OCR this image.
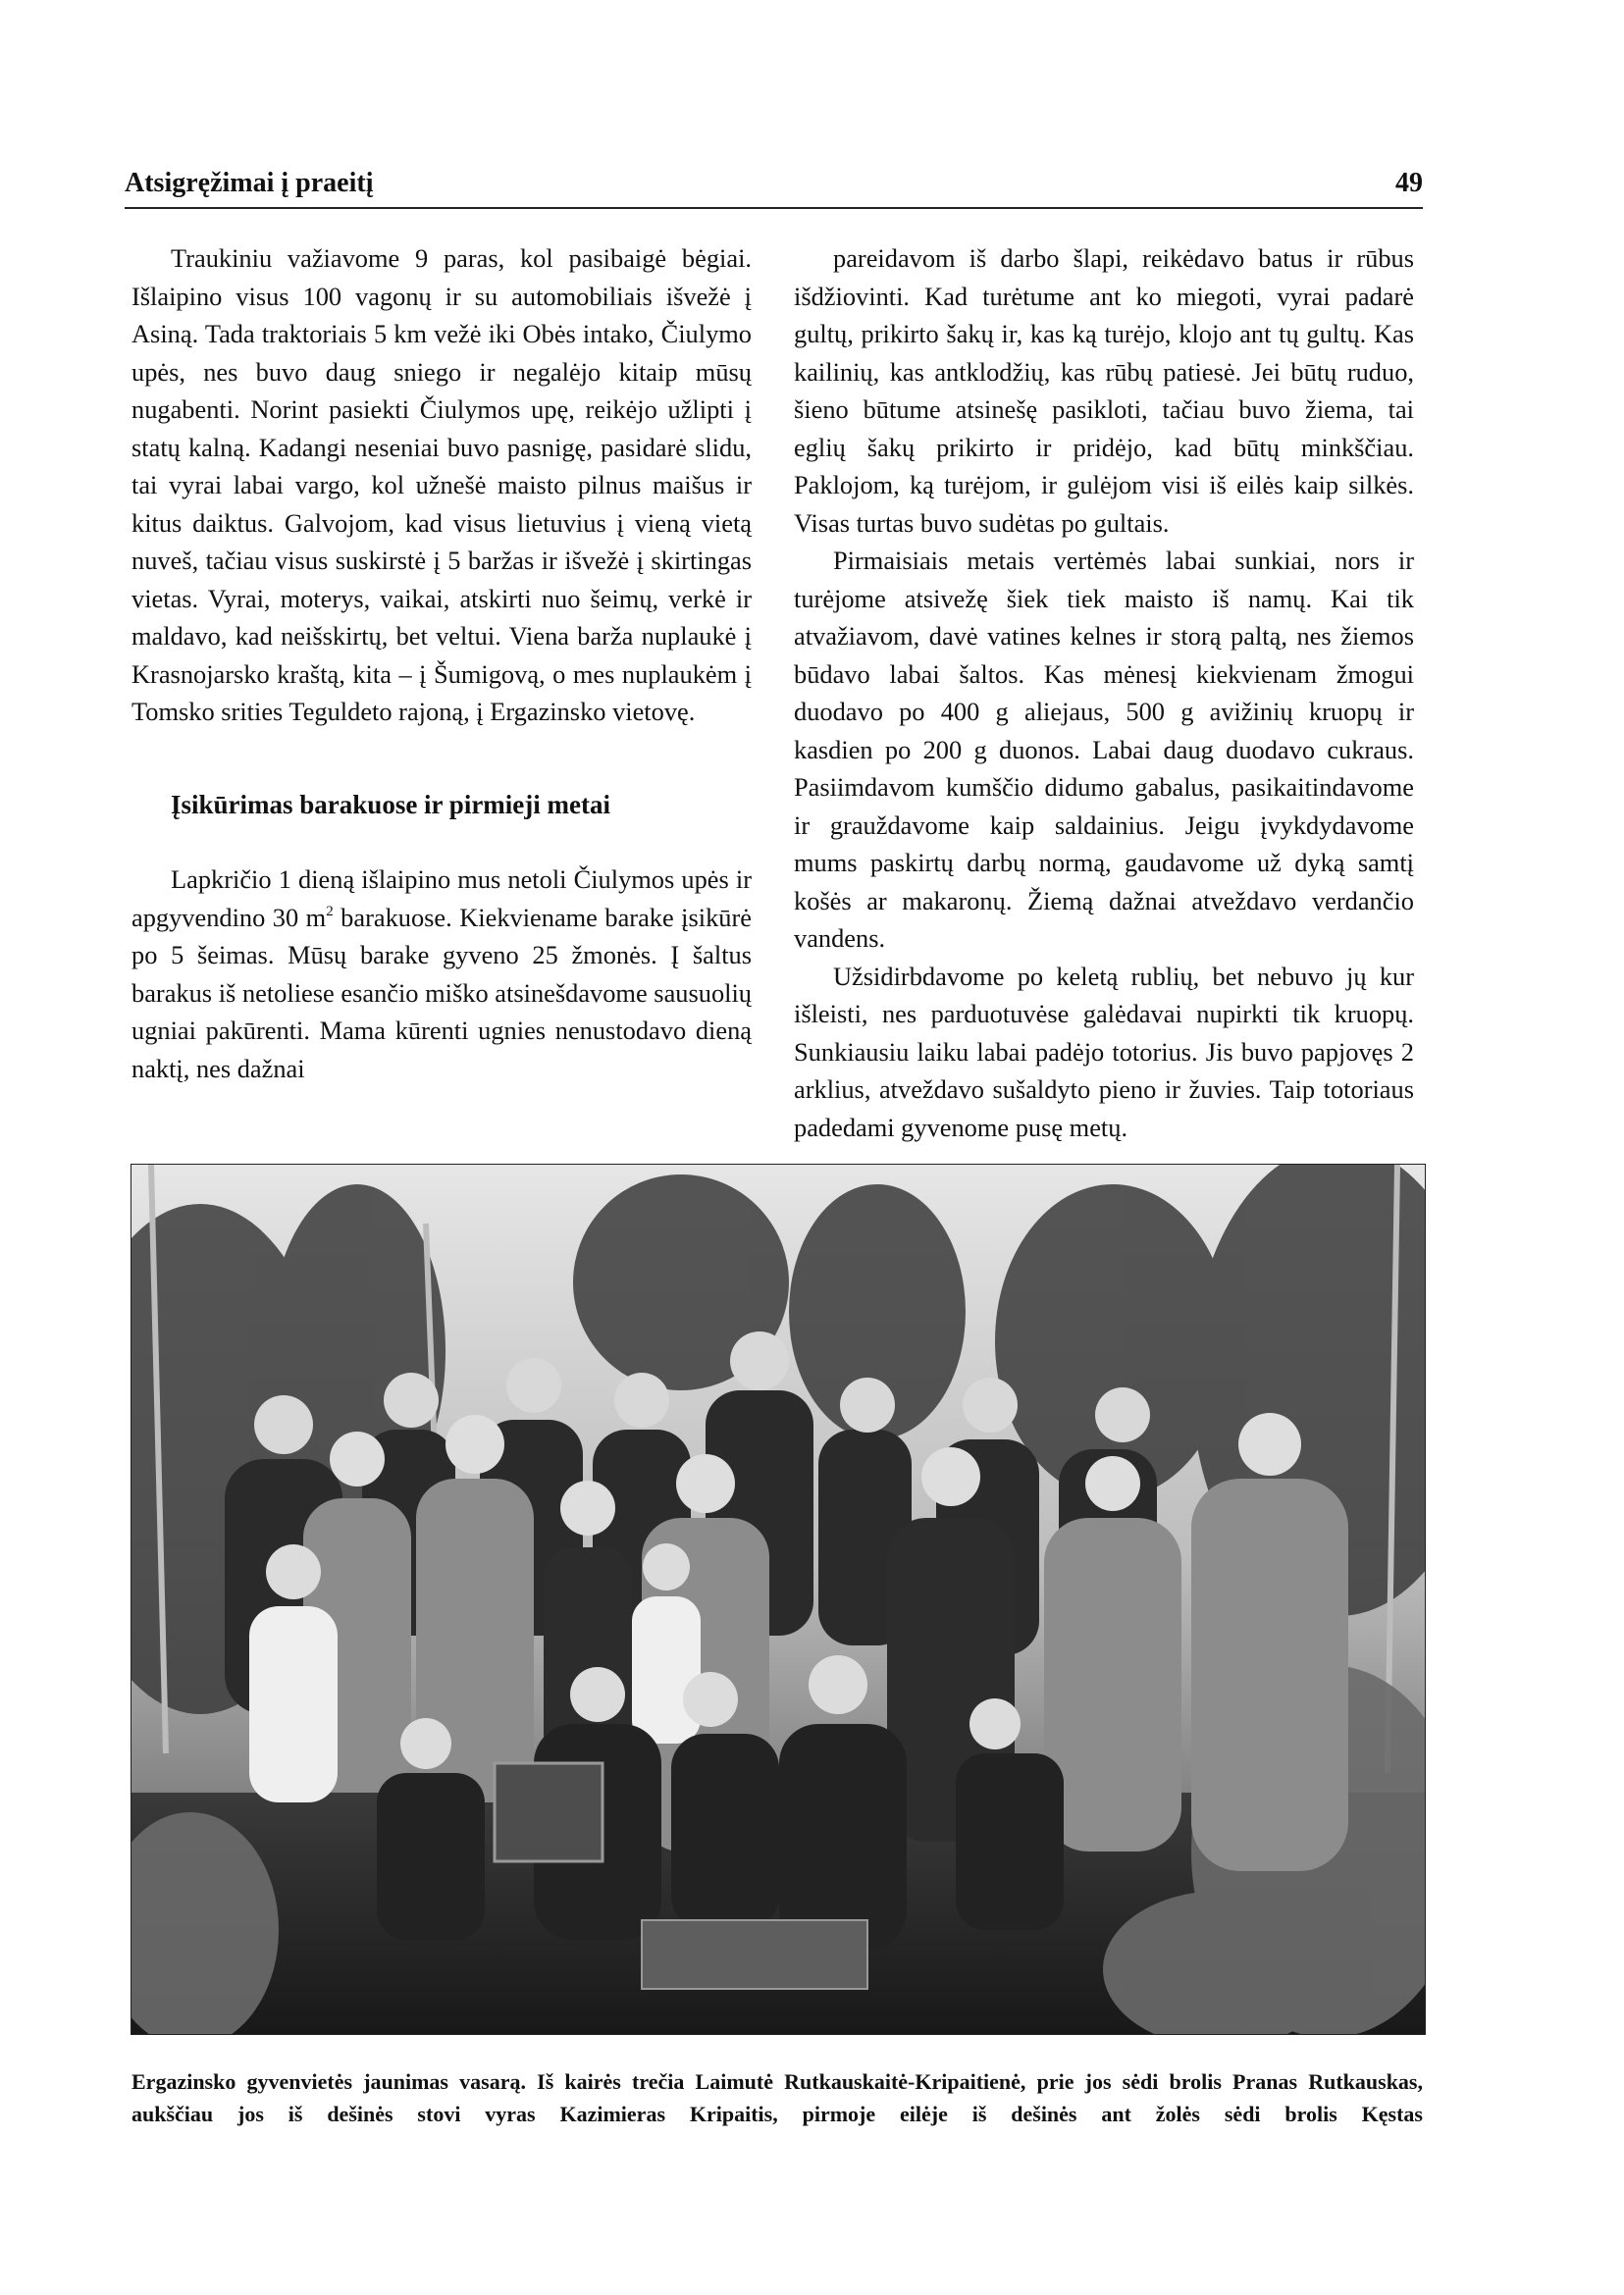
Atsigręžimai į praeitį	49

Traukiniu važiavome 9 paras, kol pasibaigė bėgiai. Išlaipino visus 100 vagonų ir su automobiliais išvežė į Asiną. Tada traktoriais 5 km vežė iki Obės intako, Čiulymo upės, nes buvo daug sniego ir negalėjo kitaip mūsų nugabenti. Norint pasiekti Čiulymos upę, reikėjo užlipti į statų kalną. Kadangi neseniai buvo pasnigę, pasidarė slidu, tai vyrai labai vargo, kol užnešė maisto pilnus maišus ir kitus daiktus. Galvojom, kad visus lietuvius į vieną vietą nuveš, tačiau visus suskirstė į 5 baržas ir išvežė į skirtingas vietas. Vyrai, moterys, vaikai, atskirti nuo šeimų, verkė ir maldavo, kad neišskirtų, bet veltui. Viena barža nuplaukė į Krasnojarsko kraštą, kita – į Šumigovą, o mes nuplaukėm į Tomsko srities Teguldeto rajoną, į Ergazinsko vietovę.

Įsikūrimas barakuose ir pirmieji metai

Lapkričio 1 dieną išlaipino mus netoli Čiulymos upės ir apgyvendino 30 $m^2$ barakuose. Kiekviename barake įsikūrė po 5 šeimas. Mūsų barake gyveno 25 žmonės. Į šaltus barakus iš netoliese esančio miško atsinešdavome sausuolių ugniai pakūrenti. Mama kūrenti ugnies nenustodavo dieną naktį, nes dažnai

pareidavom iš darbo šlapi, reikėdavo batus ir rūbus išdžiovinti. Kad turėtume ant ko miegoti, vyrai padarė gultų, prikirto šakų ir, kas ką turėjo, klojo ant tų gultų. Kas kailinių, kas antklodžių, kas rūbų patiesė. Jei būtų ruduo, šieno būtume atsinešę pasikloti, tačiau buvo žiema, tai eglių šakų prikirto ir pridėjo, kad būtų minkščiau. Paklojom, ką turėjom, ir gulėjom visi iš eilės kaip silkės. Visas turtas buvo sudėtas po gultais.

Pirmaisiais metais vertėmės labai sunkiai, nors ir turėjome atsivežę šiek tiek maisto iš namų. Kai tik atvažiavom, davė vatines kelnes ir storą paltą, nes žiemos būdavo labai šaltos. Kas mėnesį kiekvienam žmogui duodavo po 400 g aliejaus, 500 g avižinių kruopų ir kasdien po 200 g duonos. Labai daug duodavo cukraus. Pasiimdavom kumščio didumo gabalus, pasikaitindavome ir grauždavome kaip saldainius. Jeigu įvykdydavome mums paskirtų darbų normą, gaudavome už dyką samtį košės ar makaronų. Žiemą dažnai atveždavo verdančio vandens.

Užsidirbdavome po keletą rublių, bet nebuvo jų kur išleisti, nes parduotuvėse galėdavai nupirkti tik kruopų. Sunkiausiu laiku labai padėjo totorius. Jis buvo papjovęs 2 arklius, atveždavo sušaldyto pieno ir žuvies. Taip totoriaus padedami gyvenome pusę metų.

Ergazinsko gyvenvietės jaunimas vasarą. Iš kairės trečia Laimutė Rutkauskaitė-Kripaitienė, prie jos sėdi brolis Pranas Rutkauskas, aukščiau jos iš dešinės stovi vyras Kazimieras Kripaitis, pirmoje eilėje iš dešinės ant žolės sėdi brolis Kęstas
